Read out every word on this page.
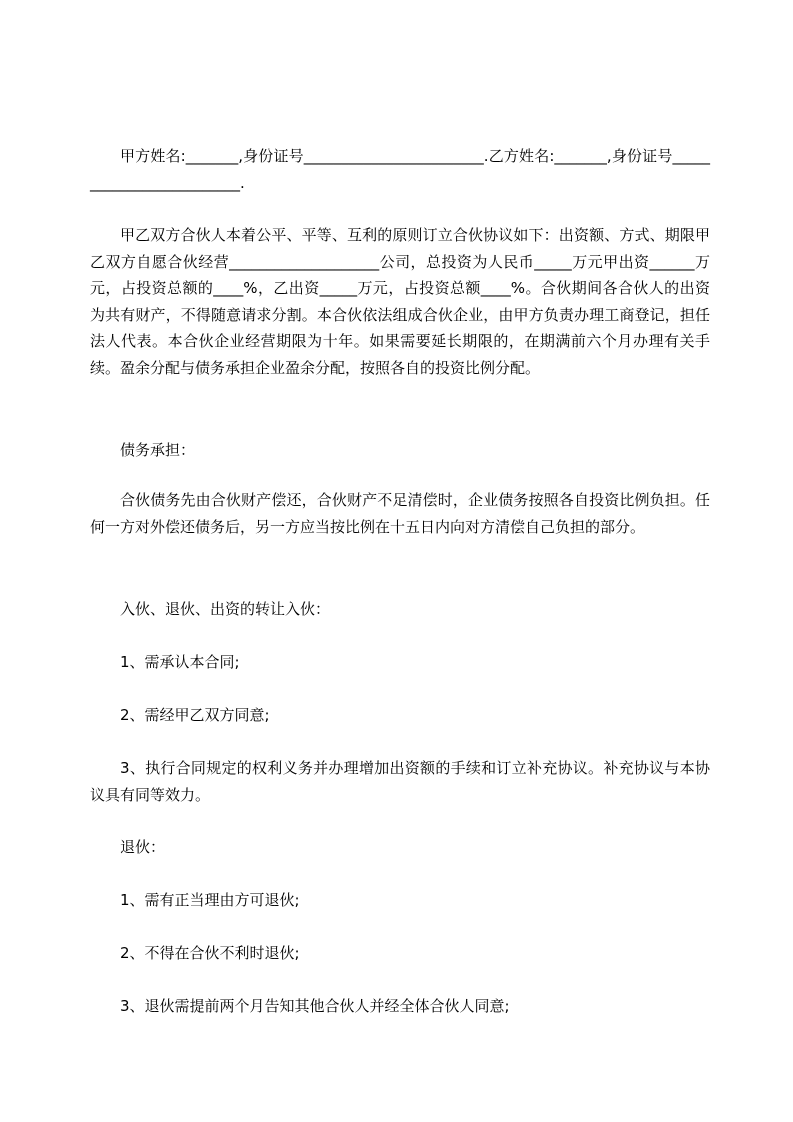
甲方姓名:_______,身份证号________________________.乙方姓名:_______,身份证号_________________________.

甲乙双方合伙人本着公平、平等、互利的原则订立合伙协议如下：出资额、方式、期限甲乙双方自愿合伙经营____________________公司，总投资为人民币_____万元甲出资______万元，占投资总额的____%，乙出资_____万元，占投资总额____%。合伙期间各合伙人的出资为共有财产，不得随意请求分割。本合伙依法组成合伙企业，由甲方负责办理工商登记，担任法人代表。本合伙企业经营期限为十年。如果需要延长期限的，在期满前六个月办理有关手续。盈余分配与债务承担企业盈余分配，按照各自的投资比例分配。

债务承担：

合伙债务先由合伙财产偿还，合伙财产不足清偿时，企业债务按照各自投资比例负担。任何一方对外偿还债务后，另一方应当按比例在十五日内向对方清偿自己负担的部分。

入伙、退伙、出资的转让入伙：

1、需承认本合同;

2、需经甲乙双方同意;

3、执行合同规定的权利义务并办理增加出资额的手续和订立补充协议。补充协议与本协议具有同等效力。

退伙：

1、需有正当理由方可退伙;

2、不得在合伙不利时退伙;

3、退伙需提前两个月告知其他合伙人并经全体合伙人同意;
